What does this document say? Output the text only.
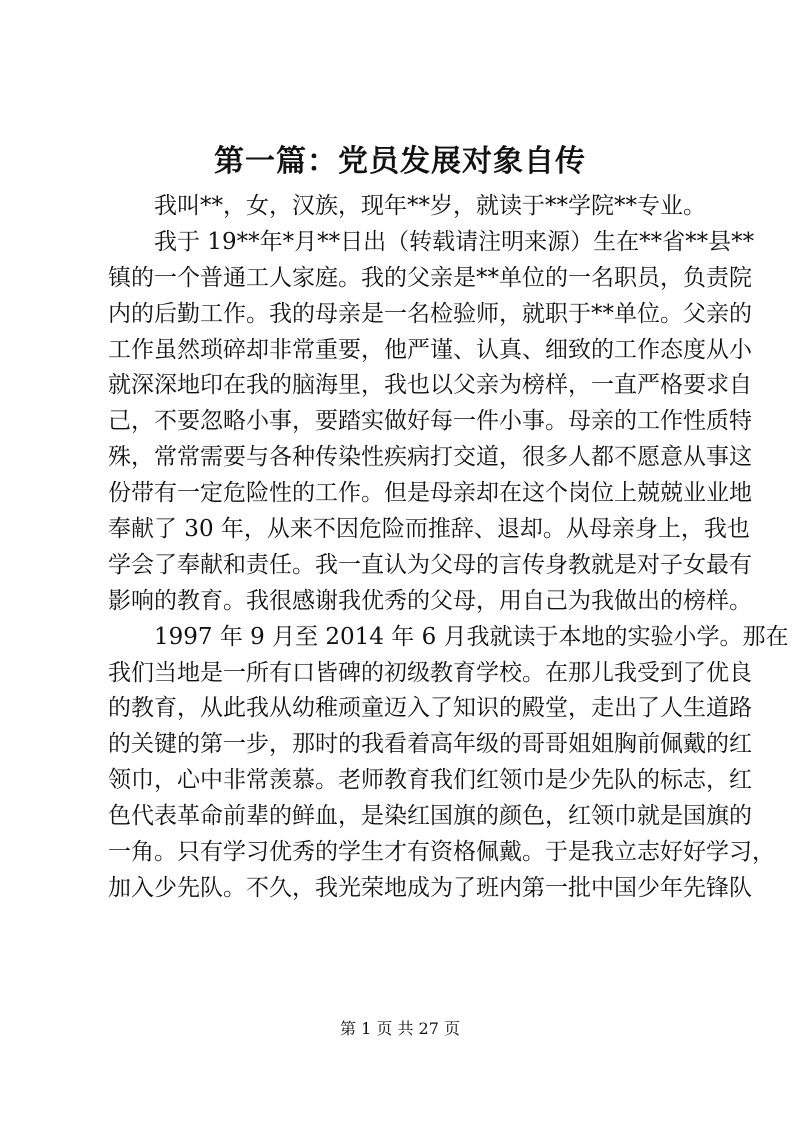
第一篇：党员发展对象自传
我叫**，女，汉族，现年**岁，就读于**学院**专业。
我于 19**年*月**日出（转载请注明来源）生在**省**县**
镇的一个普通工人家庭。我的父亲是**单位的一名职员，负责院
内的后勤工作。我的母亲是一名检验师，就职于**单位。父亲的
工作虽然琐碎却非常重要，他严谨、认真、细致的工作态度从小
就深深地印在我的脑海里，我也以父亲为榜样，一直严格要求自
己，不要忽略小事，要踏实做好每一件小事。母亲的工作性质特
殊，常常需要与各种传染性疾病打交道，很多人都不愿意从事这
份带有一定危险性的工作。但是母亲却在这个岗位上兢兢业业地
奉献了 30 年，从来不因危险而推辞、退却。从母亲身上，我也
学会了奉献和责任。我一直认为父母的言传身教就是对子女最有
影响的教育。我很感谢我优秀的父母，用自己为我做出的榜样。
1997 年 9 月至 2014 年 6 月我就读于本地的实验小学。那在
我们当地是一所有口皆碑的初级教育学校。在那儿我受到了优良
的教育，从此我从幼稚顽童迈入了知识的殿堂，走出了人生道路
的关键的第一步，那时的我看着高年级的哥哥姐姐胸前佩戴的红
领巾，心中非常羡慕。老师教育我们红领巾是少先队的标志，红
色代表革命前辈的鲜血，是染红国旗的颜色，红领巾就是国旗的
一角。只有学习优秀的学生才有资格佩戴。于是我立志好好学习，
加入少先队。不久，我光荣地成为了班内第一批中国少年先锋队
第 1 页 共 27 页
